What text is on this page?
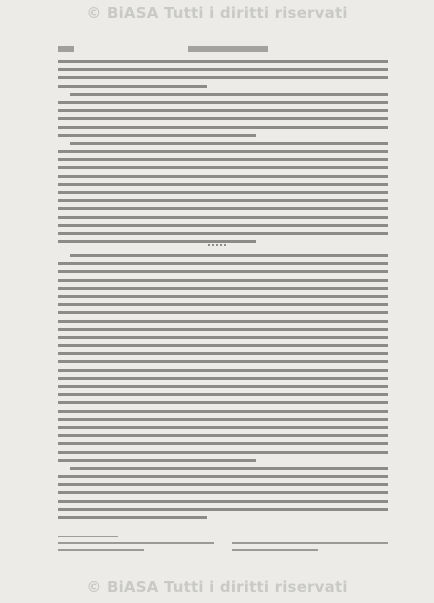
© BiASA Tutti i diritti riservati
© BiASA Tutti i diritti riservati
